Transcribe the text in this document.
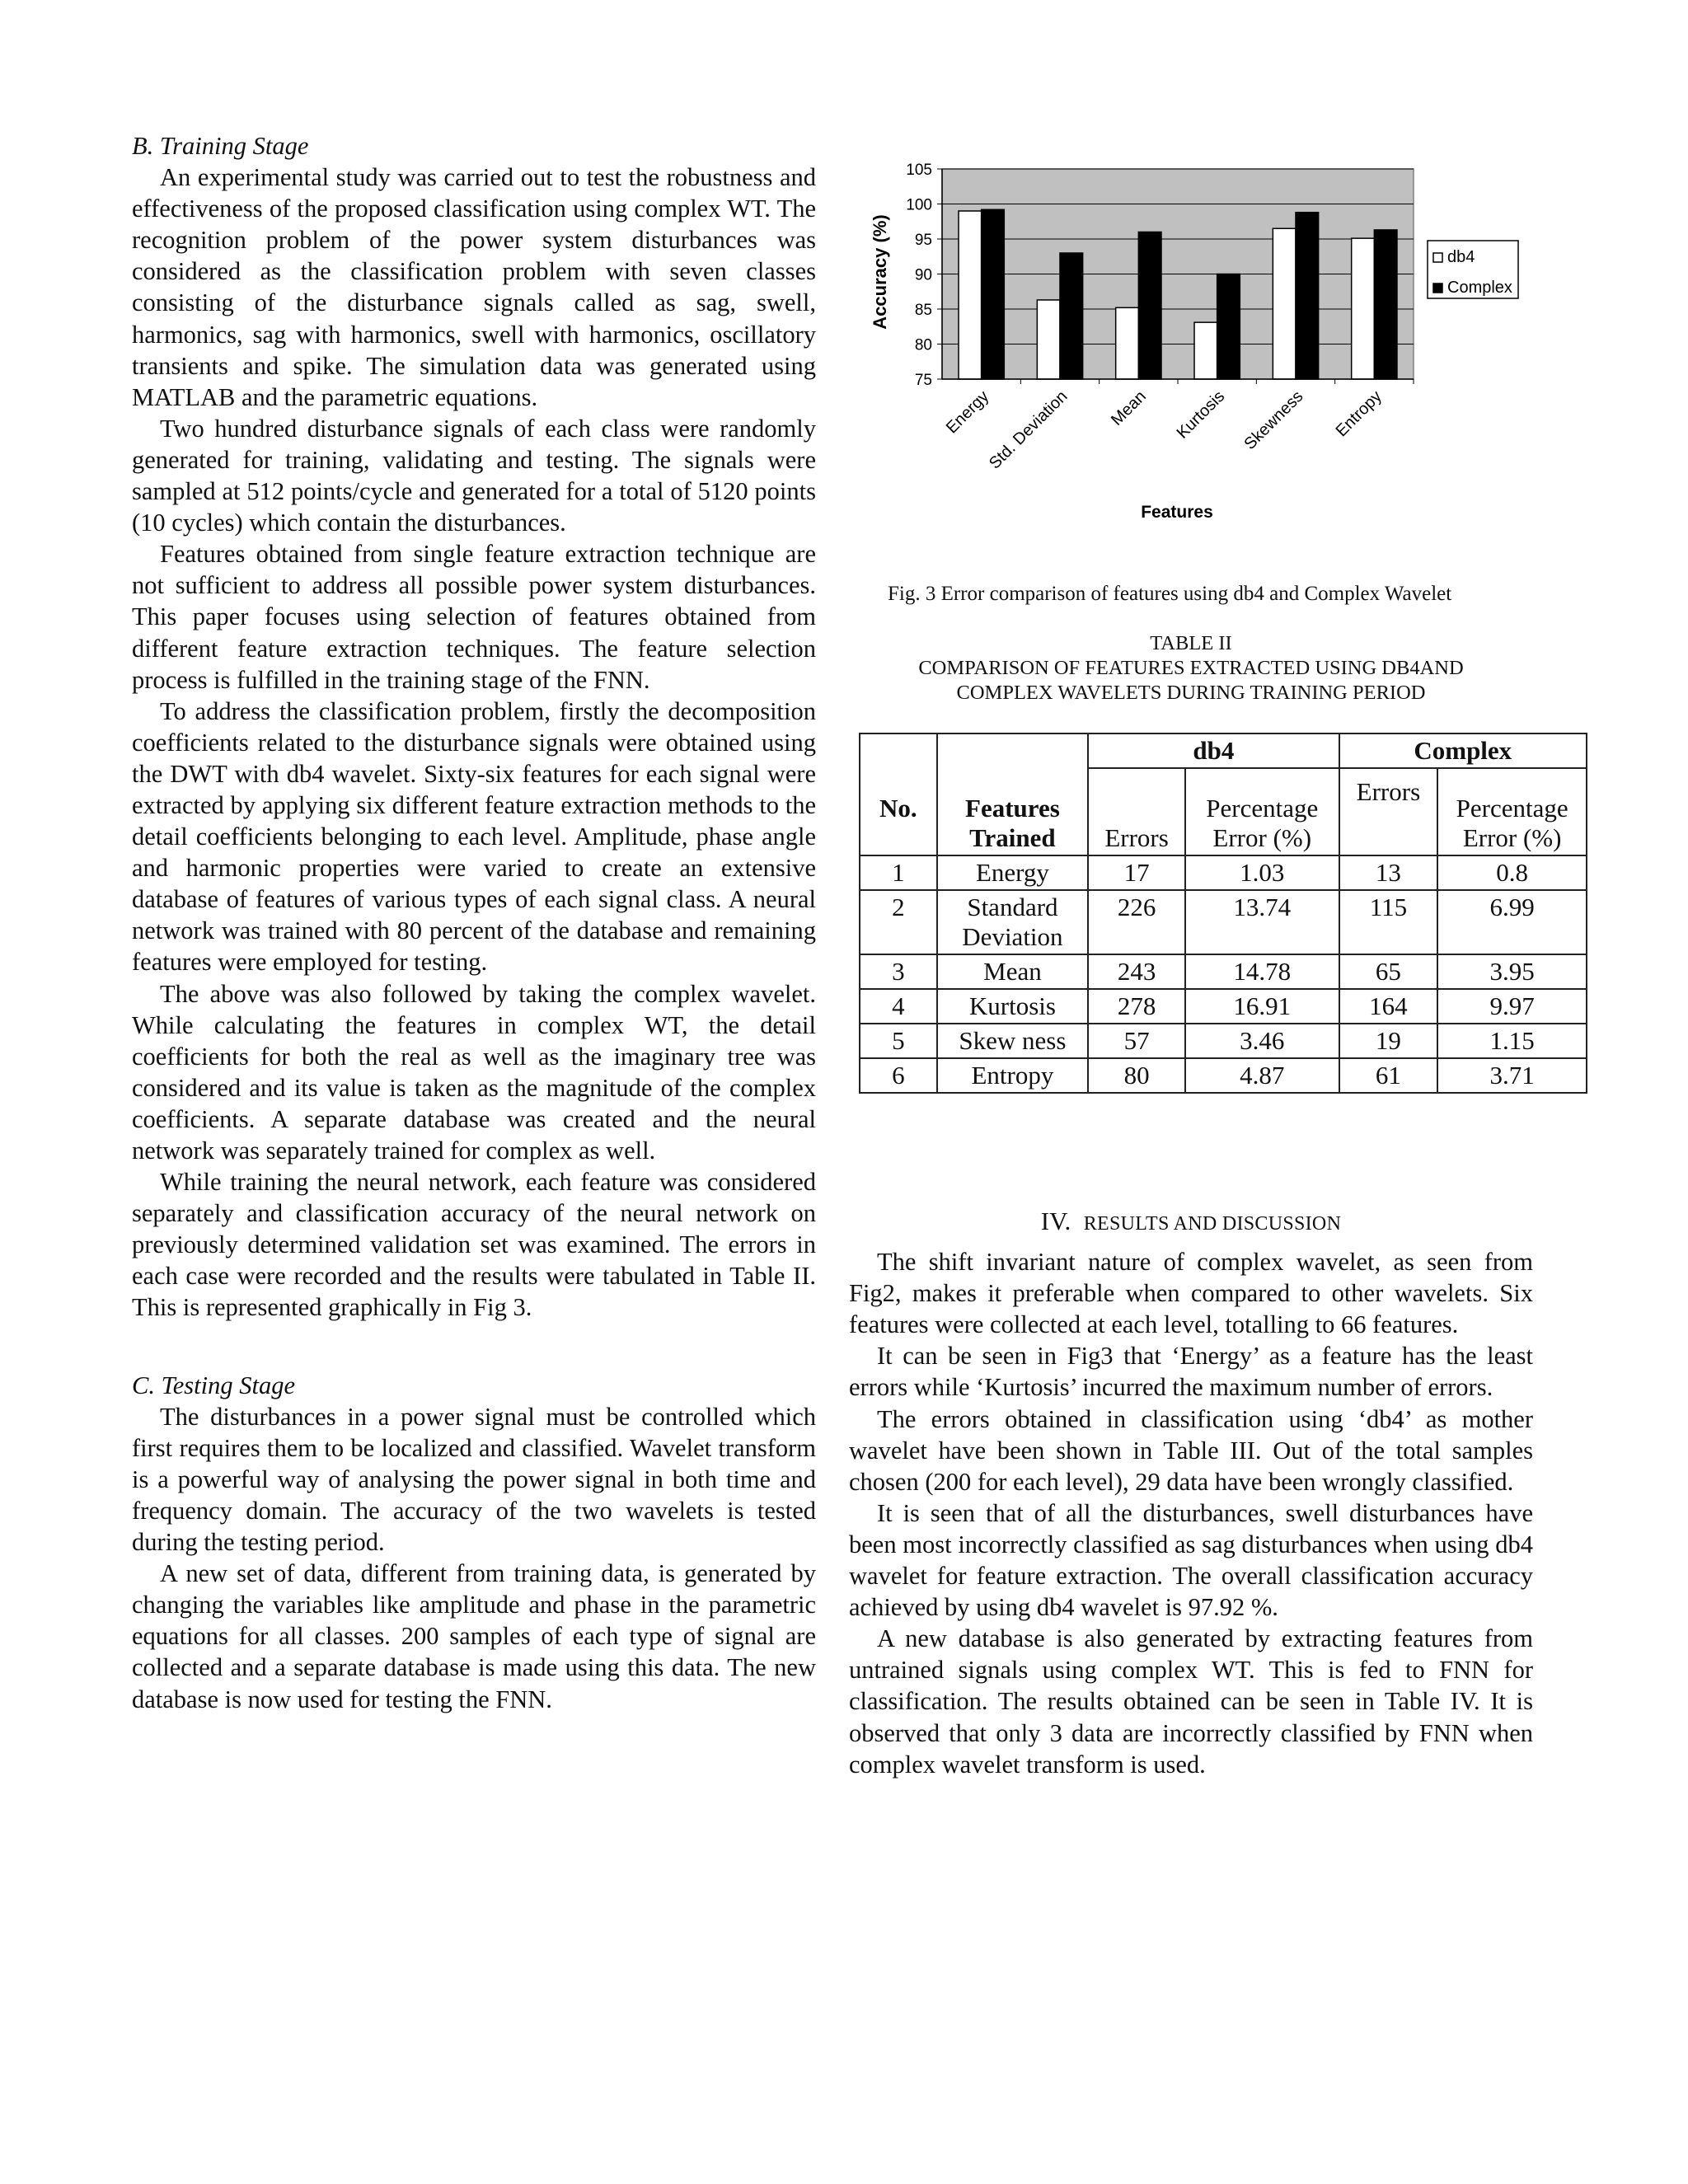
B. Training Stage

An experimental study was carried out to test the robustness and effectiveness of the proposed classification using complex WT. The recognition problem of the power system disturbances was considered as the classification problem with seven classes consisting of the disturbance signals called as sag, swell, harmonics, sag with harmonics, swell with harmonics, oscillatory transients and spike. The simulation data was generated using MATLAB and the parametric equations.

Two hundred disturbance signals of each class were randomly generated for training, validating and testing. The signals were sampled at 512 points/cycle and generated for a total of 5120 points (10 cycles) which contain the disturbances.

Features obtained from single feature extraction technique are not sufficient to address all possible power system disturbances. This paper focuses using selection of features obtained from different feature extraction techniques. The feature selection process is fulfilled in the training stage of the FNN.

To address the classification problem, firstly the decomposition coefficients related to the disturbance signals were obtained using the DWT with db4 wavelet. Sixty-six features for each signal were extracted by applying six different feature extraction methods to the detail coefficients belonging to each level. Amplitude, phase angle and harmonic properties were varied to create an extensive database of features of various types of each signal class. A neural network was trained with 80 percent of the database and remaining features were employed for testing.

The above was also followed by taking the complex wavelet. While calculating the features in complex WT, the detail coefficients for both the real as well as the imaginary tree was considered and its value is taken as the magnitude of the complex coefficients. A separate database was created and the neural network was separately trained for complex as well.

While training the neural network, each feature was considered separately and classification accuracy of the neural network on previously determined validation set was examined. The errors in each case were recorded and the results were tabulated in Table II. This is represented graphically in Fig 3.

C. Testing Stage

The disturbances in a power signal must be controlled which first requires them to be localized and classified. Wavelet transform is a powerful way of analysing the power signal in both time and frequency domain. The accuracy of the two wavelets is tested during the testing period.

A new set of data, different from training data, is generated by changing the variables like amplitude and phase in the parametric equations for all classes. 200 samples of each type of signal are collected and a separate database is made using this data. The new database is now used for testing the FNN.

75
80
85
90
95
100
105
Energy
Std. Deviation Mean Kurtosis Skewness Entropy
Accuracy (%)
Features
db4
Complex
Fig. 3 Error comparison of features using db4 and Complex Wavelet
TABLE II
COMPARISON OF FEATURES EXTRACTED USING DB4AND
COMPLEX WAVELETS DURING TRAINING PERIOD
No.	Features Trained	db4		Complex	
		Errors	Percentage Error (%)	Errors	Percentage Error (%)
1	Energy	17	1.03	13	0.8
2	Standard Deviation	226	13.74	115	6.99
3	Mean	243	14.78	65	3.95
4	Kurtosis	278	16.91	164	9.97
5	Skew ness	57	3.46	19	1.15
6	Entropy	80	4.87	61	3.71

IV. RESULTS AND DISCUSSION

The shift invariant nature of complex wavelet, as seen from Fig2, makes it preferable when compared to other wavelets. Six features were collected at each level, totalling to 66 features.

It can be seen in Fig3 that ‘Energy’ as a feature has the least errors while ‘Kurtosis’ incurred the maximum number of errors.

The errors obtained in classification using ‘db4’ as mother wavelet have been shown in Table III. Out of the total samples chosen (200 for each level), 29 data have been wrongly classified.

It is seen that of all the disturbances, swell disturbances have been most incorrectly classified as sag disturbances when using db4 wavelet for feature extraction. The overall classification accuracy achieved by using db4 wavelet is 97.92 %.

A new database is also generated by extracting features from untrained signals using complex WT. This is fed to FNN for classification. The results obtained can be seen in Table IV. It is observed that only 3 data are incorrectly classified by FNN when complex wavelet transform is used.
